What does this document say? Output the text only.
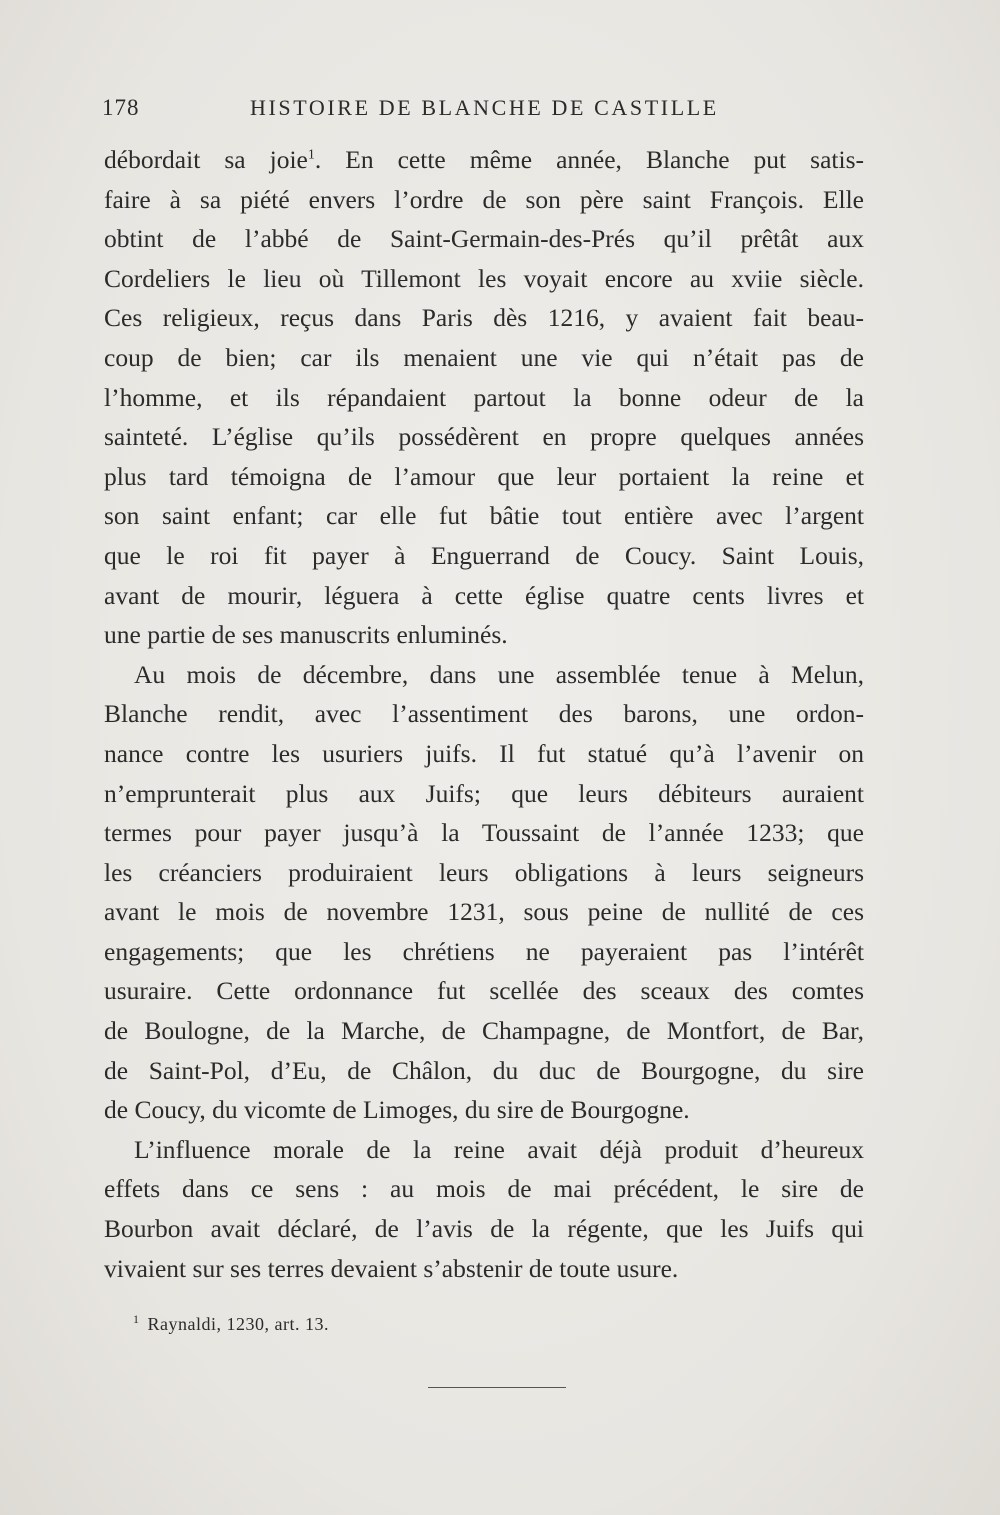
178	HISTOIRE DE BLANCHE DE CASTILLE
débordait sa joie$^1$. En cette même année, Blanche put satis-
faire à sa piété envers l’ordre de son père saint François. Elle
obtint de l’abbé de Saint-Germain-des-Prés qu’il prêtât aux
Cordeliers le lieu où Tillemont les voyait encore au xviie siècle.
Ces religieux, reçus dans Paris dès 1216, y avaient fait beau-
coup de bien; car ils menaient une vie qui n’était pas de
l’homme, et ils répandaient partout la bonne odeur de la
sainteté. L’église qu’ils possédèrent en propre quelques années
plus tard témoigna de l’amour que leur portaient la reine et
son saint enfant; car elle fut bâtie tout entière avec l’argent
que le roi fit payer à Enguerrand de Coucy. Saint Louis,
avant de mourir, léguera à cette église quatre cents livres et
une partie de ses manuscrits enluminés.
Au mois de décembre, dans une assemblée tenue à Melun,
Blanche rendit, avec l’assentiment des barons, une ordon-
nance contre les usuriers juifs. Il fut statué qu’à l’avenir on
n’emprunterait plus aux Juifs; que leurs débiteurs auraient
termes pour payer jusqu’à la Toussaint de l’année 1233; que
les créanciers produiraient leurs obligations à leurs seigneurs
avant le mois de novembre 1231, sous peine de nullité de ces
engagements; que les chrétiens ne payeraient pas l’intérêt
usuraire. Cette ordonnance fut scellée des sceaux des comtes
de Boulogne, de la Marche, de Champagne, de Montfort, de Bar,
de Saint-Pol, d’Eu, de Châlon, du duc de Bourgogne, du sire
de Coucy, du vicomte de Limoges, du sire de Bourgogne.
L’influence morale de la reine avait déjà produit d’heureux
effets dans ce sens : au mois de mai précédent, le sire de
Bourbon avait déclaré, de l’avis de la régente, que les Juifs qui
vivaient sur ses terres devaient s’abstenir de toute usure.
$^1$ Raynaldi, 1230, art. 13.
